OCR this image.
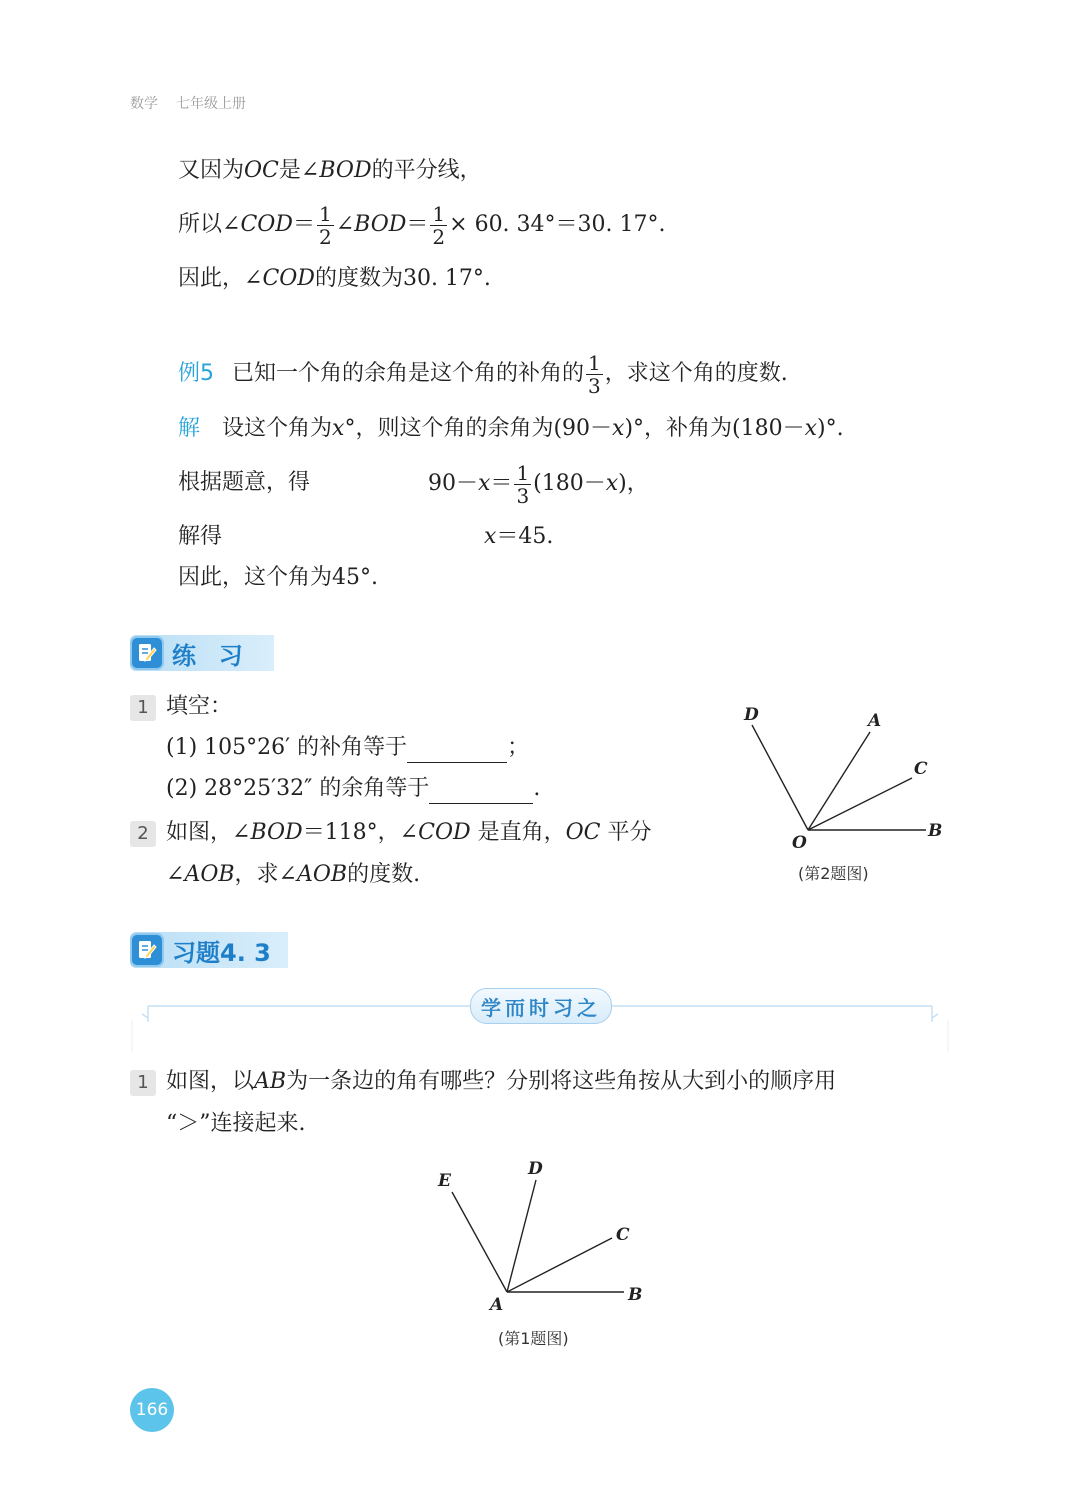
数学 七年级上册
又因为OC是∠BOD的平分线，
所以∠COD＝ $\frac{1}{2}$ ∠BOD＝ $\frac{1}{2} \times 60$. 34°＝30. 17°.
因此，∠COD的度数为30. 17°.
例5 已知一个角的余角是这个角的补角的 $\frac{1}{3}$ ，求这个角的度数.
解 设这个角为x°，则这个角的余角为(90－x)°，补角为(180－x)°.
根据题意，得	$90-x= \frac{1}{3} (180-x)$，
解得	x＝45.
因此，这个角为45°.
练  习
1 填空：
(1) 105°26′ 的补角等于	；
(2) 28°25′32″ 的余角等于	.
2 如图，∠BOD＝118°，∠COD 是直角，OC 平分
∠AOB，求∠AOB的度数.
D	A
C
B
O
(第2题图)
习题4. 3
学而时习之
1 如图，以AB为一条边的角有哪些？分别将这些角按从大到小的顺序用
“＞”连接起来.
E
D
C
B
A
(第1题图)
166
